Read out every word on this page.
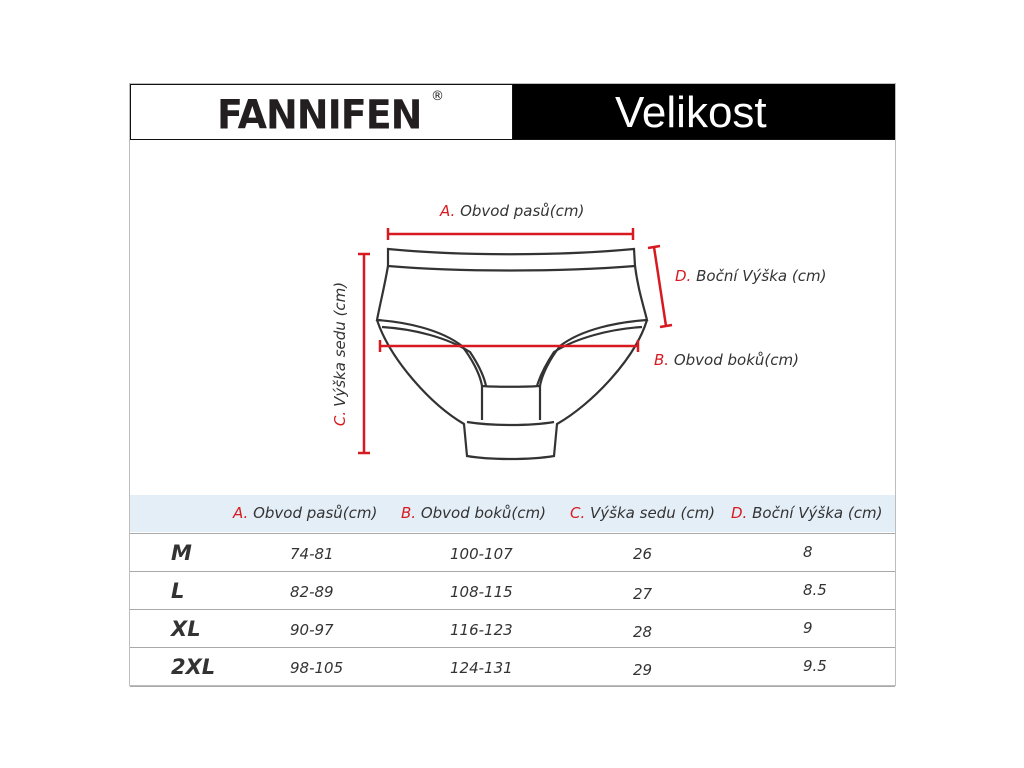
FANNIFEN ®	Velikost
C.Výška sedu (cm)
A. Obvod pasů(cm)
D. Boční Výška (cm)
B. Obvod boků(cm)
A. Obvod pasů(cm) B. Obvod boků(cm) C. Výška sedu (cm) D. Boční Výška (cm)
M	74-81	100-107	26	8
L	82-89	108-115	27	8.5
XL	90-97	116-123	28	9
2XL	98-105	124-131	29	9.5
